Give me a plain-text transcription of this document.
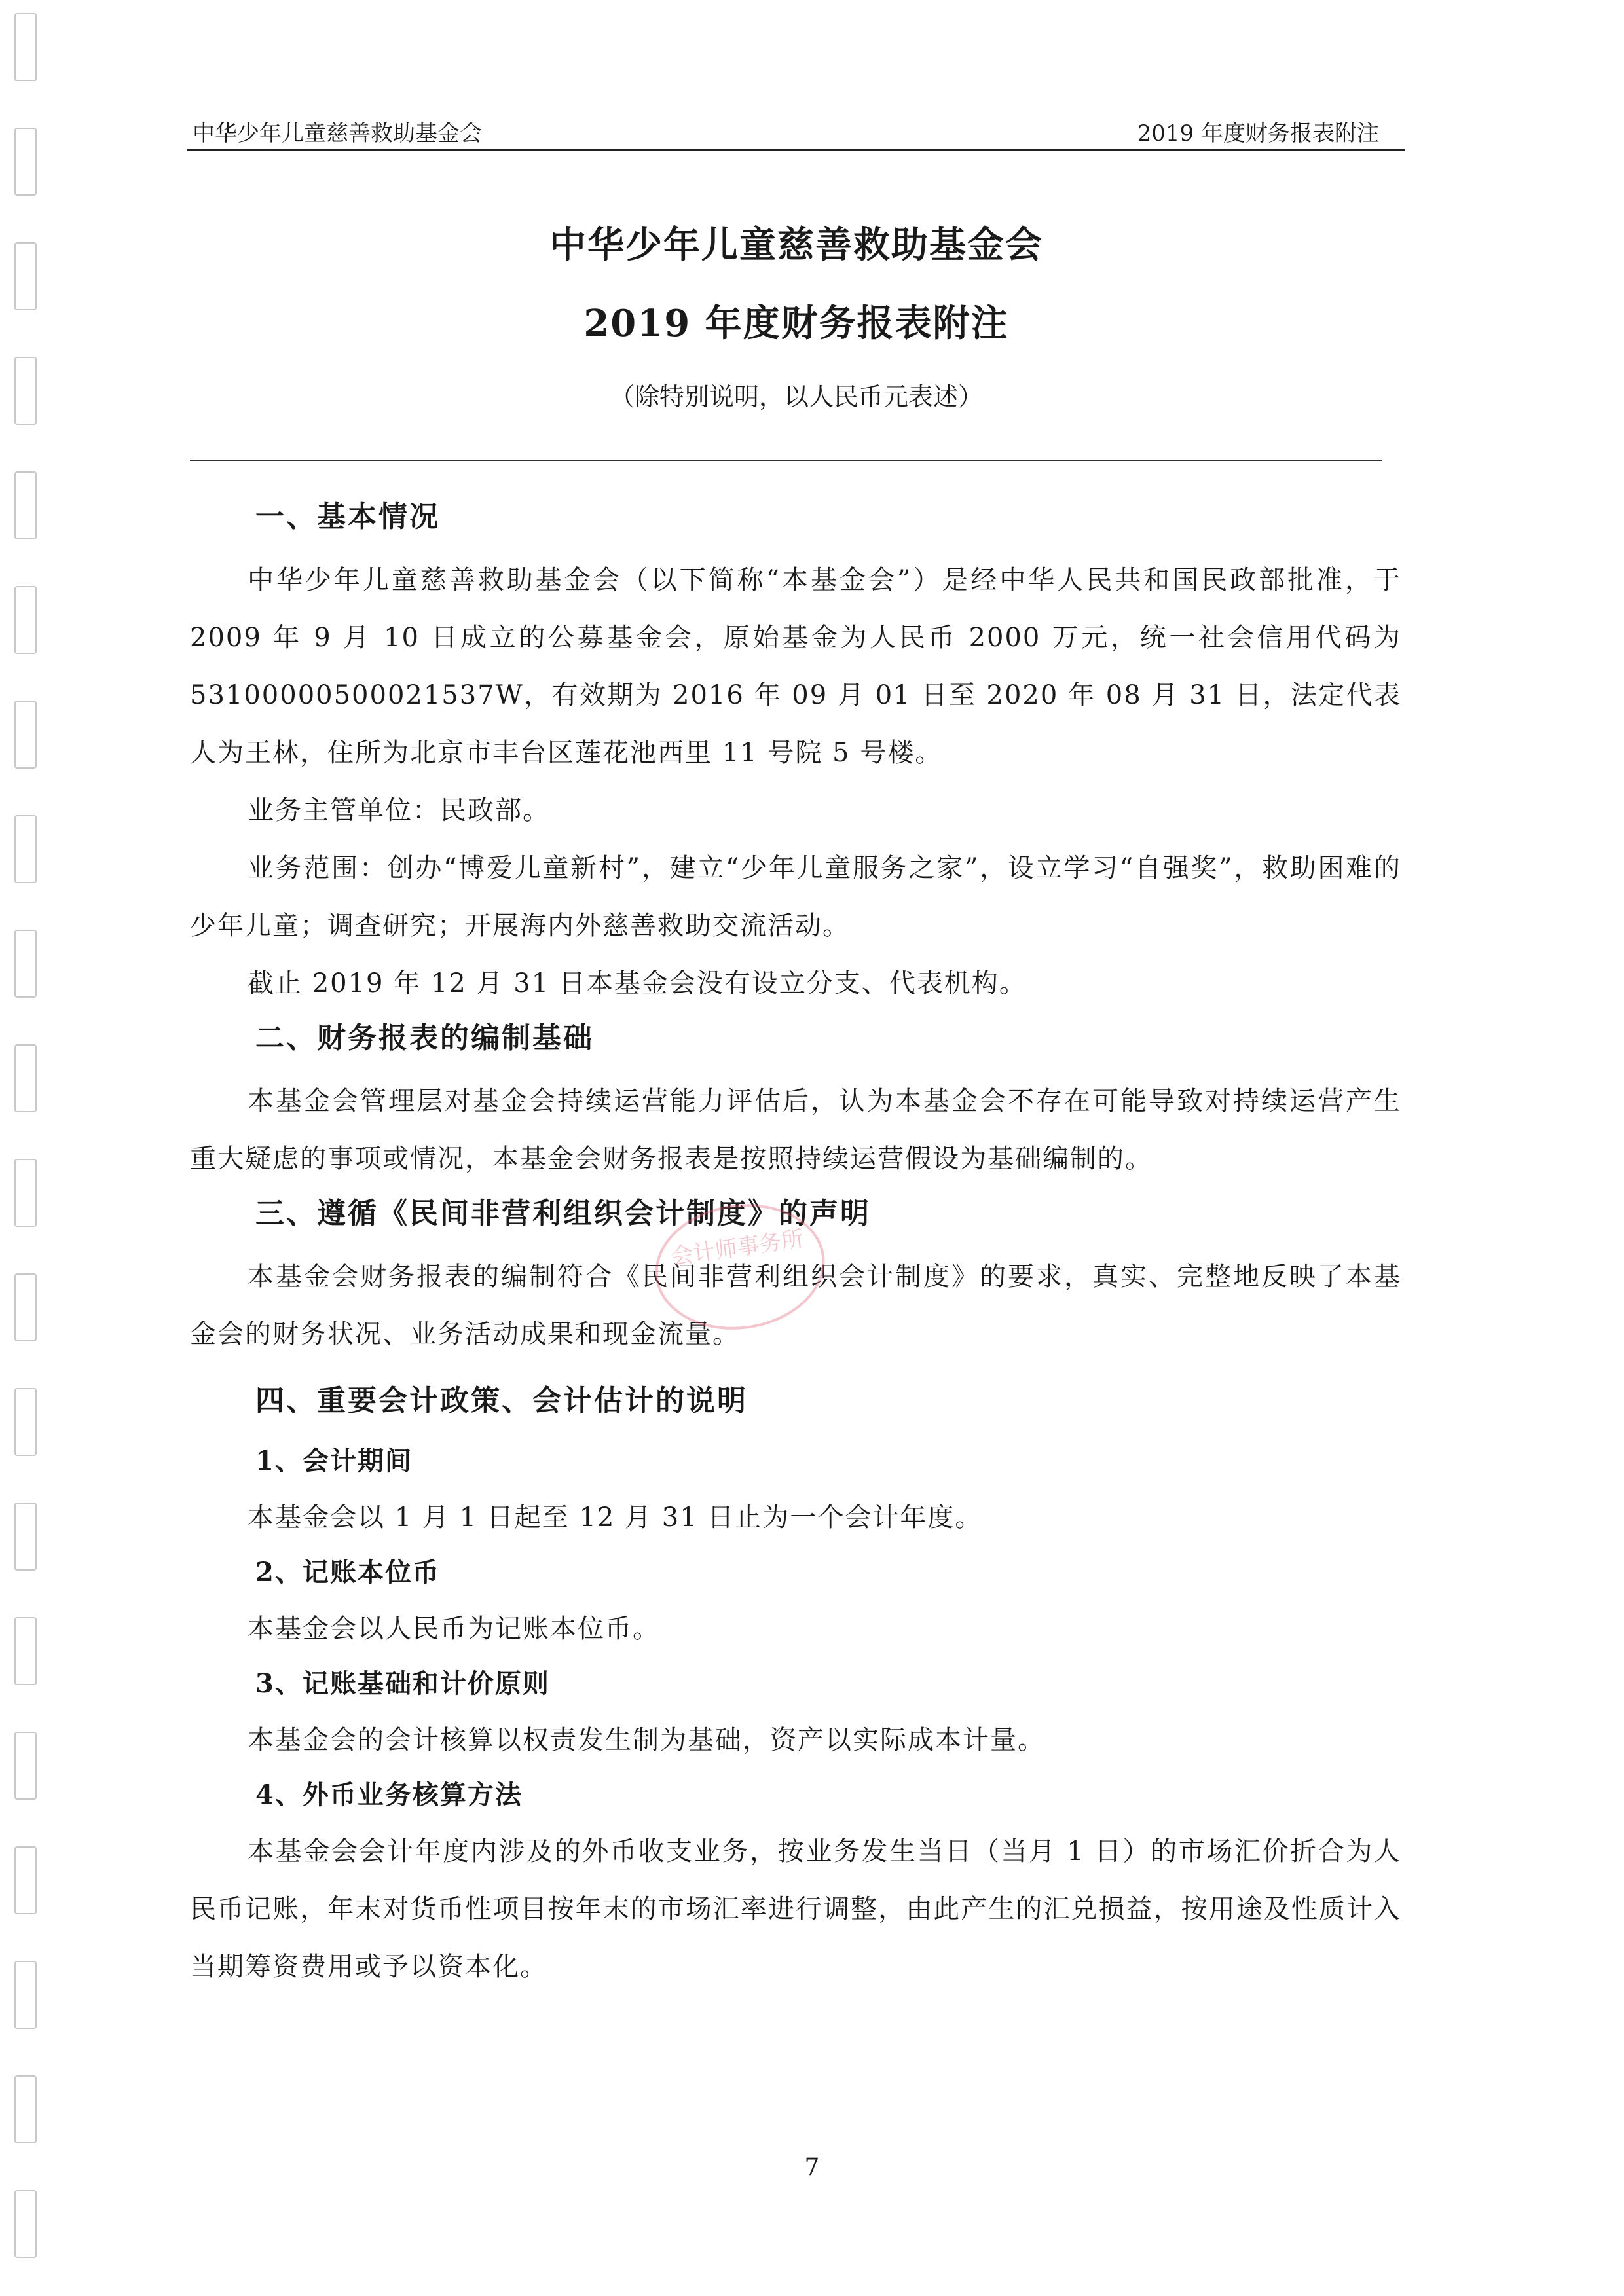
中华少年儿童慈善救助基金会	2019 年度财务报表附注
中华少年儿童慈善救助基金会
2019 年度财务报表附注
（除特别说明，以人民币元表述）
一、基本情况

中华少年儿童慈善救助基金会（以下简称“本基金会”）是经中华人民共和国民政部批准，于 2009 年 9 月 10 日成立的公募基金会，原始基金为人民币 2000 万元，统一社会信用代码为 53100000500021537W，有效期为 2016 年 09 月 01 日至 2020 年 08 月 31 日，法定代表人为王林，住所为北京市丰台区莲花池西里 11 号院 5 号楼。

业务主管单位：民政部。

业务范围：创办“博爱儿童新村”，建立“少年儿童服务之家”，设立学习“自强奖”，救助困难的少年儿童；调查研究；开展海内外慈善救助交流活动。

截止 2019 年 12 月 31 日本基金会没有设立分支、代表机构。

二、财务报表的编制基础

本基金会管理层对基金会持续运营能力评估后，认为本基金会不存在可能导致对持续运营产生重大疑虑的事项或情况，本基金会财务报表是按照持续运营假设为基础编制的。

三、遵循《民间非营利组织会计制度》的声明

本基金会财务报表的编制符合《民间非营利组织会计制度》的要求，真实、完整地反映了本基金会的财务状况、业务活动成果和现金流量。

四、重要会计政策、会计估计的说明
1、会计期间

本基金会以 1 月 1 日起至 12 月 31 日止为一个会计年度。

2、记账本位币

本基金会以人民币为记账本位币。

3、记账基础和计价原则

本基金会的会计核算以权责发生制为基础，资产以实际成本计量。

4、外币业务核算方法

本基金会会计年度内涉及的外币收支业务，按业务发生当日（当月 1 日）的市场汇价折合为人民币记账，年末对货币性项目按年末的市场汇率进行调整，由此产生的汇兑损益，按用途及性质计入当期筹资费用或予以资本化。

会计师事务所
7
